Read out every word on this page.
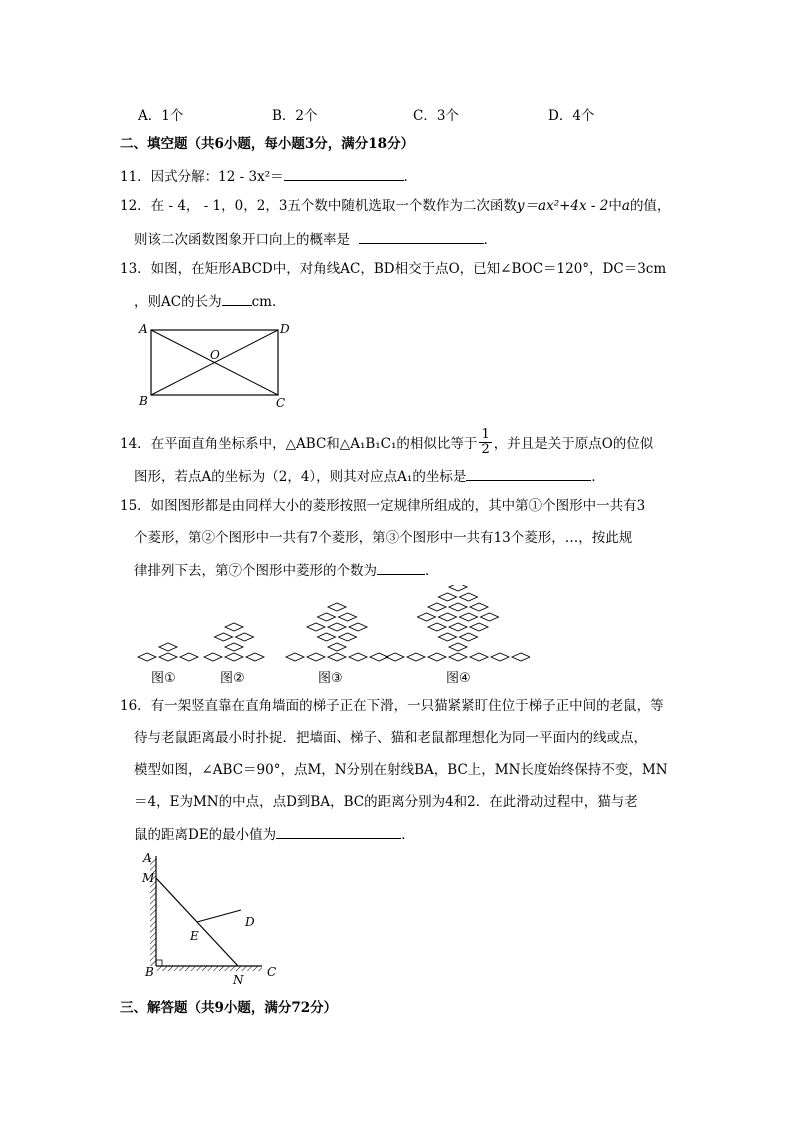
A．1个	B．2个	C．3个	D．4个
二、填空题（共6小题，每小题3分，满分18分）
11．因式分解：12 - 3x²＝	．
12．在 - 4， - 1，0，2，3五个数中随机选取一个数作为二次函数y＝ax²+4x - 2中a的值，
则该二次函数图象开口向上的概率是	．
13．如图，在矩形ABCD中，对角线AC，BD相交于点O，已知∠BOC＝120°，DC＝3cm
，则AC的长为 cm．
A	D
B	C
O
14．在平面直角坐标系中，△ABC和△A₁B₁C₁的相似比等于 $\frac{1}{2}$ ，并且是关于原点O的位似
图形，若点A的坐标为（2，4），则其对应点A₁的坐标是	．
15．如图图形都是由同样大小的菱形按照一定规律所组成的，其中第①个图形中一共有3
个菱形，第②个图形中一共有7个菱形，第③个图形中一共有13个菱形，…，按此规
律排列下去，第⑦个图形中菱形的个数为	．
图①	图②	图③	图④
16．有一架竖直靠在直角墙面的梯子正在下滑，一只猫紧紧盯住位于梯子正中间的老鼠，等
待与老鼠距离最小时扑捉．把墙面、梯子、猫和老鼠都理想化为同一平面内的线或点，
模型如图，∠ABC＝90°，点M，N分别在射线BA，BC上，MN长度始终保持不变，MN
＝4，E为MN的中点，点D到BA，BC的距离分别为4和2．在此滑动过程中，猫与老
鼠的距离DE的最小值为	．
A
M
E
D
B
N
C
三、解答题（共9小题，满分72分）
